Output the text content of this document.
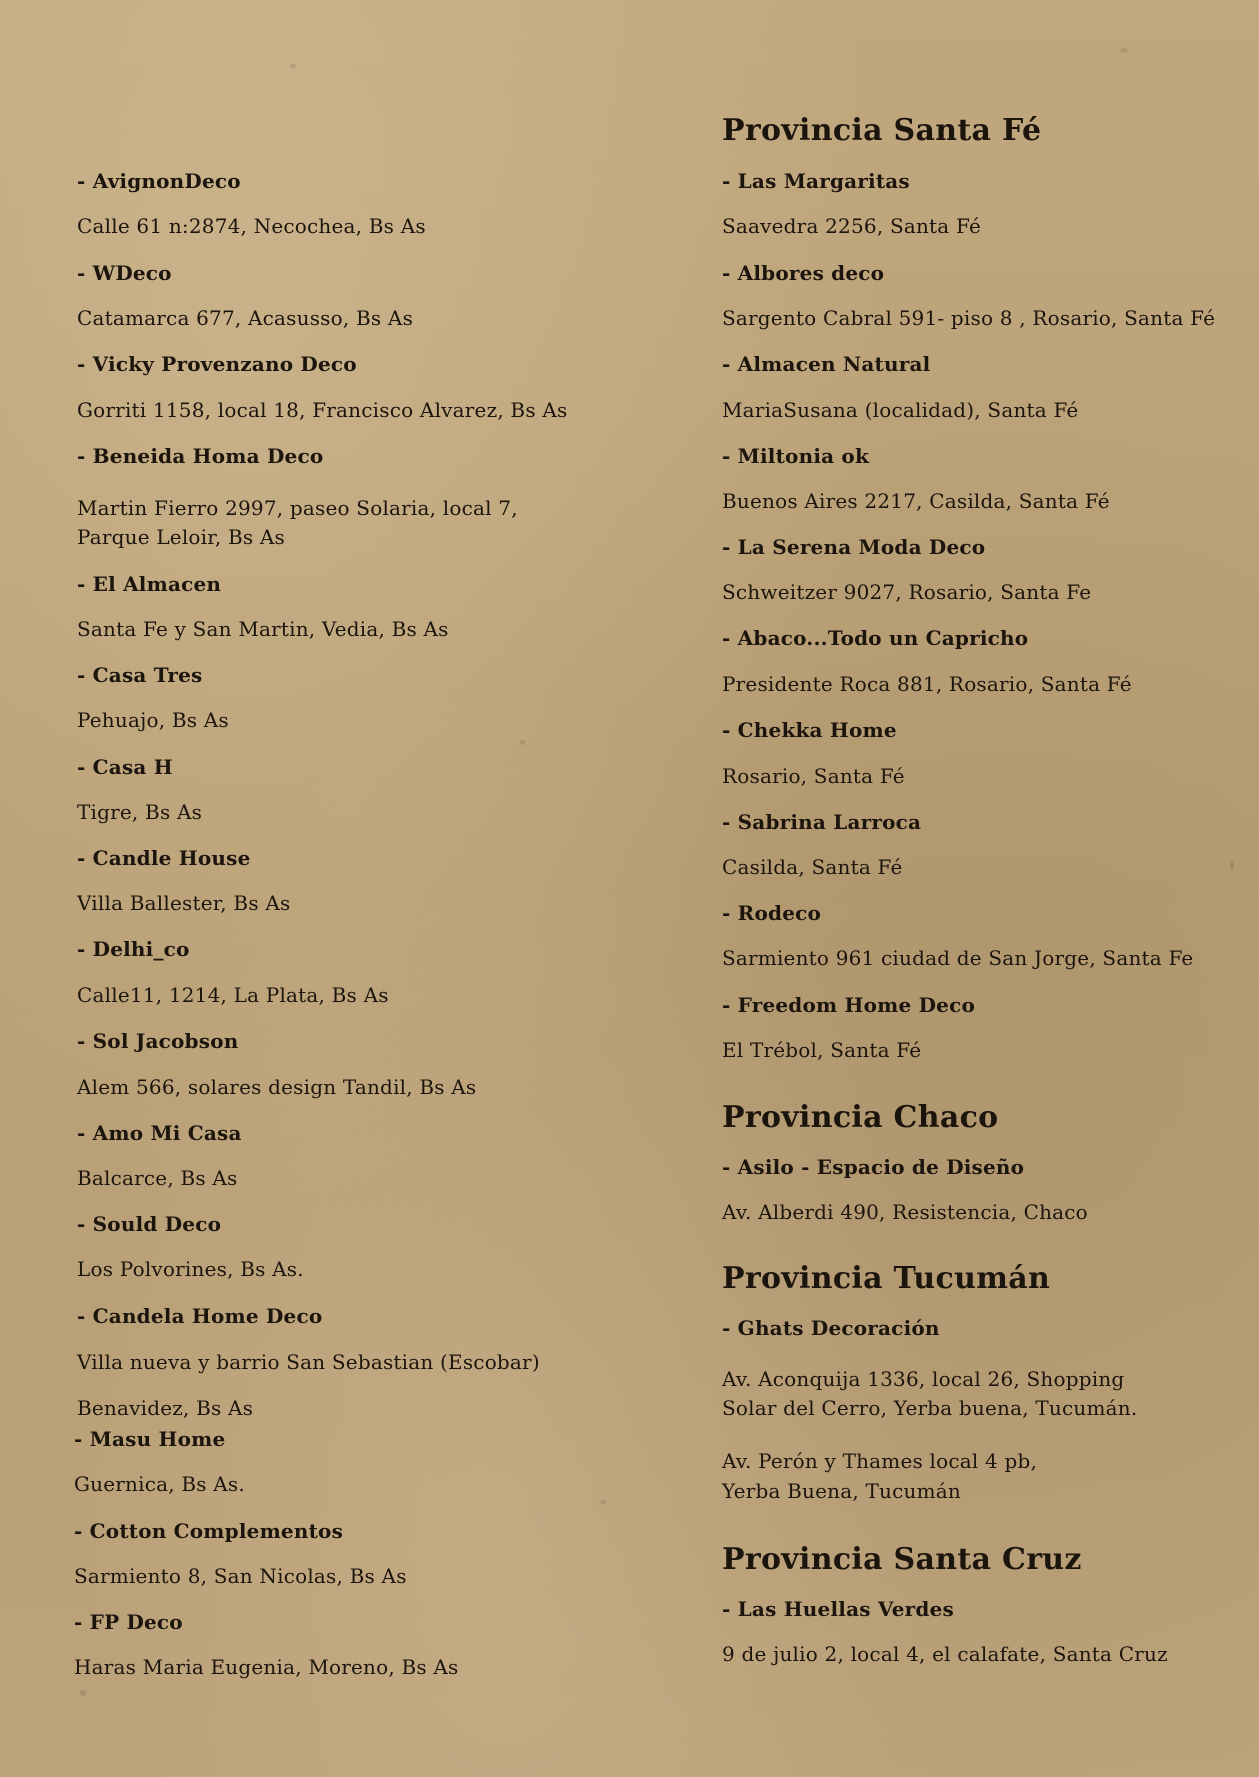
- AvignonDeco
Calle 61 n:2874, Necochea, Bs As
- WDeco
Catamarca 677, Acasusso, Bs As
- Vicky Provenzano Deco
Gorriti 1158, local 18, Francisco Alvarez, Bs As
- Beneida Homa Deco
Martin Fierro 2997, paseo Solaria, local 7,
Parque Leloir, Bs As
- El Almacen
Santa Fe y San Martin, Vedia, Bs As
- Casa Tres
Pehuajo, Bs As
- Casa H
Tigre, Bs As
- Candle House
Villa Ballester, Bs As
- Delhi_co
Calle11, 1214, La Plata, Bs As
- Sol Jacobson
Alem 566, solares design Tandil, Bs As
- Amo Mi Casa
Balcarce, Bs As
- Sould Deco
Los Polvorines, Bs As.
- Candela Home Deco
Villa nueva y barrio San Sebastian (Escobar)
Benavidez, Bs As
- Masu Home
Guernica, Bs As.
- Cotton Complementos
Sarmiento 8, San Nicolas, Bs As
- FP Deco
Haras Maria Eugenia, Moreno, Bs As
Provincia Santa Fé
- Las Margaritas
Saavedra 2256, Santa Fé
- Albores deco
Sargento Cabral 591- piso 8 , Rosario, Santa Fé
- Almacen Natural
MariaSusana (localidad), Santa Fé
- Miltonia ok
Buenos Aires 2217, Casilda, Santa Fé
- La Serena Moda Deco
Schweitzer 9027, Rosario, Santa Fe
- Abaco...Todo un Capricho
Presidente Roca 881, Rosario, Santa Fé
- Chekka Home
Rosario, Santa Fé
- Sabrina Larroca
Casilda, Santa Fé
- Rodeco
Sarmiento 961 ciudad de San Jorge, Santa Fe
- Freedom Home Deco
El Trébol, Santa Fé
Provincia Chaco
- Asilo - Espacio de Diseño
Av. Alberdi 490, Resistencia, Chaco
Provincia Tucumán
- Ghats Decoración
Av. Aconquija 1336, local 26, Shopping
Solar del Cerro, Yerba buena, Tucumán.
Av. Perón y Thames local 4 pb,
Yerba Buena, Tucumán
Provincia Santa Cruz
- Las Huellas Verdes
9 de julio 2, local 4, el calafate, Santa Cruz
